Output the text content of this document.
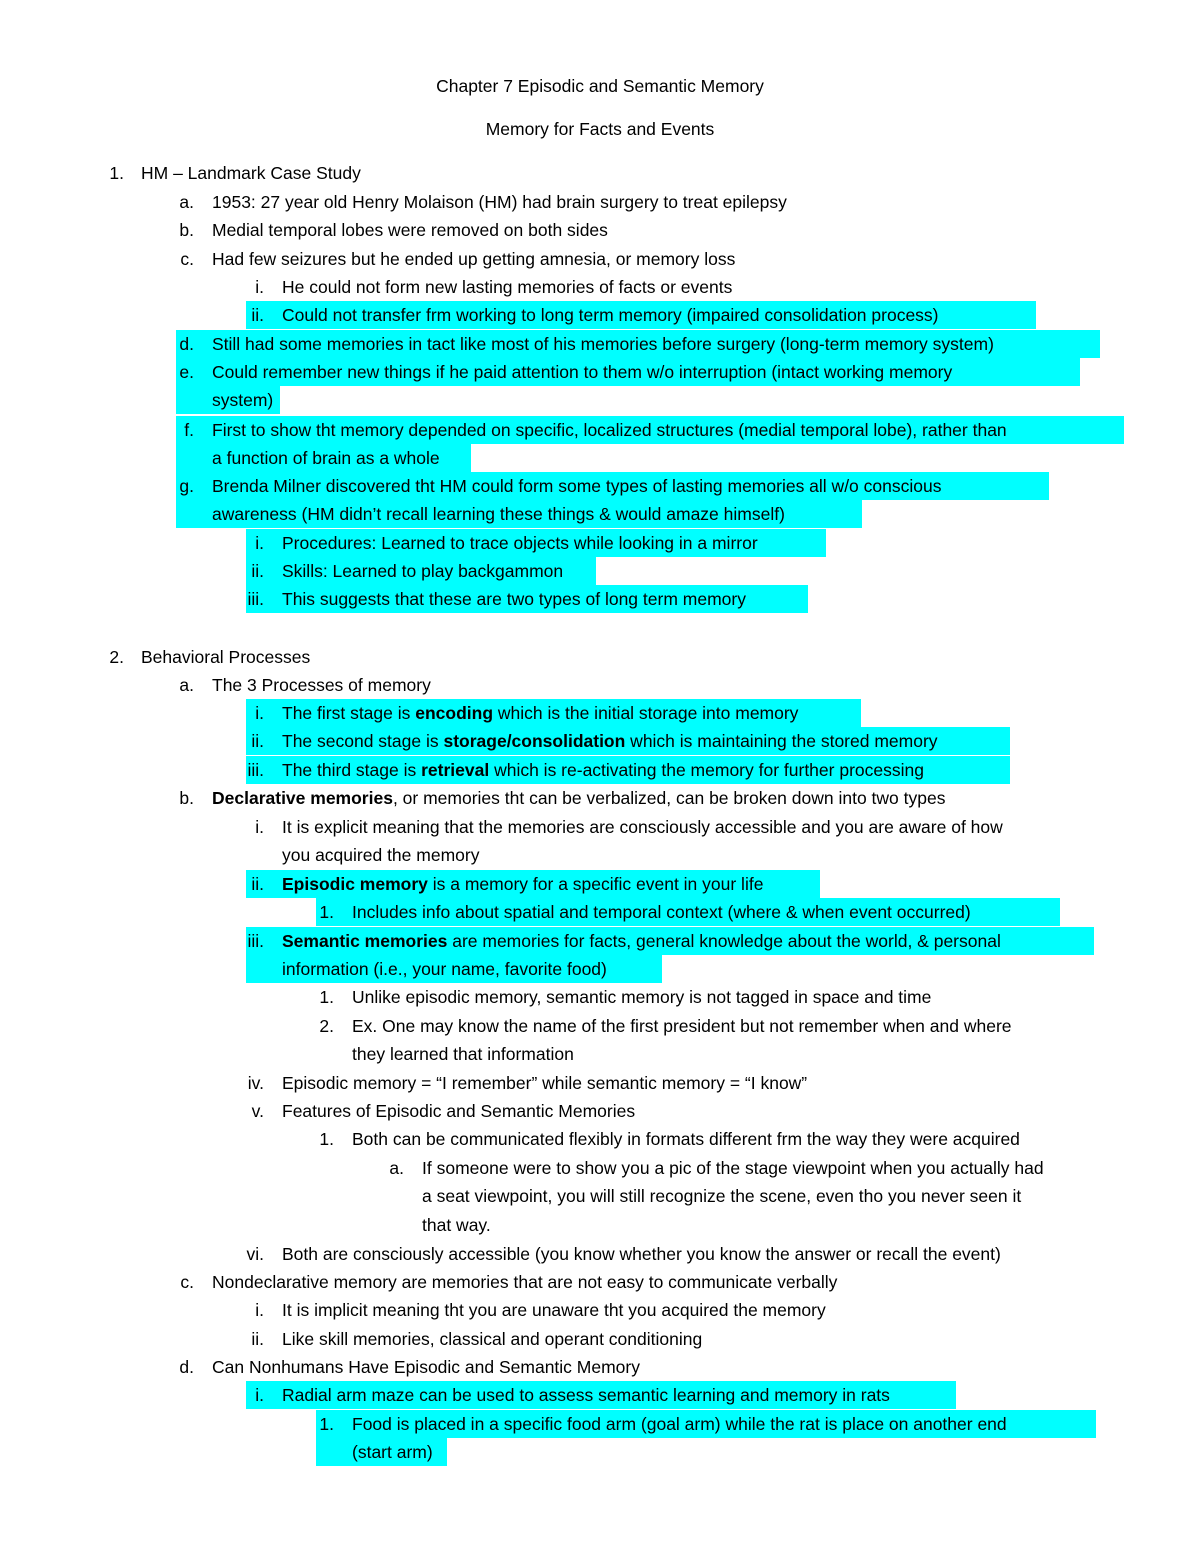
Chapter 7 Episodic and Semantic Memory
Memory for Facts and Events
1. HM – Landmark Case Study
a. 1953: 27 year old Henry Molaison (HM) had brain surgery to treat epilepsy
b. Medial temporal lobes were removed on both sides
c. Had few seizures but he ended up getting amnesia, or memory loss
i. He could not form new lasting memories of facts or events
ii. Could not transfer frm working to long term memory (impaired consolidation process)
d. Still had some memories in tact like most of his memories before surgery (long-term memory system)
e. Could remember new things if he paid attention to them w/o interruption (intact working memory
system)
f. First to show tht memory depended on specific, localized structures (medial temporal lobe), rather than
a function of brain as a whole
g. Brenda Milner discovered tht HM could form some types of lasting memories all w/o conscious
awareness (HM didn’t recall learning these things & would amaze himself)
i. Procedures: Learned to trace objects while looking in a mirror
ii. Skills: Learned to play backgammon
iii. This suggests that these are two types of long term memory
2. Behavioral Processes
a. The 3 Processes of memory
i. The first stage is encoding which is the initial storage into memory
ii. The second stage is storage/consolidation which is maintaining the stored memory
iii. The third stage is retrieval which is re-activating the memory for further processing
b. Declarative memories, or memories tht can be verbalized, can be broken down into two types
i. It is explicit meaning that the memories are consciously accessible and you are aware of how
you acquired the memory
ii. Episodic memory is a memory for a specific event in your life
1. Includes info about spatial and temporal context (where & when event occurred)
iii. Semantic memories are memories for facts, general knowledge about the world, & personal
information (i.e., your name, favorite food)
1. Unlike episodic memory, semantic memory is not tagged in space and time
2. Ex. One may know the name of the first president but not remember when and where
they learned that information
iv. Episodic memory = “I remember” while semantic memory = “I know”
v. Features of Episodic and Semantic Memories
1. Both can be communicated flexibly in formats different frm the way they were acquired
a. If someone were to show you a pic of the stage viewpoint when you actually had
a seat viewpoint, you will still recognize the scene, even tho you never seen it
that way.
vi. Both are consciously accessible (you know whether you know the answer or recall the event)
c. Nondeclarative memory are memories that are not easy to communicate verbally
i. It is implicit meaning tht you are unaware tht you acquired the memory
ii. Like skill memories, classical and operant conditioning
d. Can Nonhumans Have Episodic and Semantic Memory
i. Radial arm maze can be used to assess semantic learning and memory in rats
1. Food is placed in a specific food arm (goal arm) while the rat is place on another end
(start arm)
